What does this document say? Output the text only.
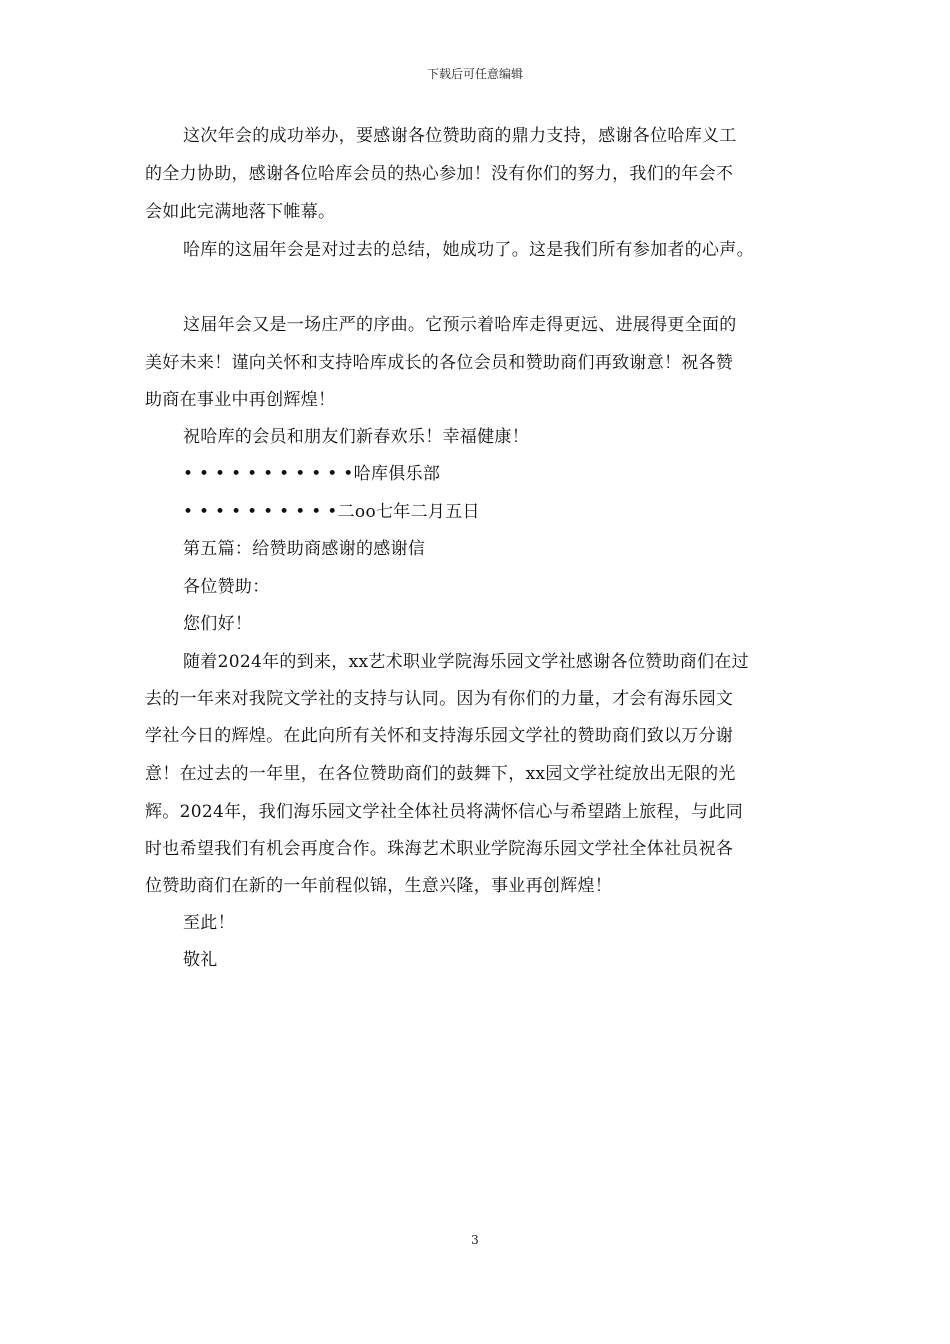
下载后可任意编辑

这次年会的成功举办，要感谢各位赞助商的鼎力支持，感谢各位哈库义工

的全力协助，感谢各位哈库会员的热心参加！没有你们的努力，我们的年会不

会如此完满地落下帷幕。

哈库的这届年会是对过去的总结，她成功了。这是我们所有参加者的心声。

这届年会又是一场庄严的序曲。它预示着哈库走得更远、进展得更全面的

美好未来！谨向关怀和支持哈库成长的各位会员和赞助商们再致谢意！祝各赞

助商在事业中再创辉煌！

祝哈库的会员和朋友们新春欢乐！幸福健康！

• • • • • • • • • • •哈库俱乐部

• • • • • • • • • •二oo七年二月五日

第五篇：给赞助商感谢的感谢信

各位赞助：

您们好！

随着2024年的到来，xx艺术职业学院海乐园文学社感谢各位赞助商们在过

去的一年来对我院文学社的支持与认同。因为有你们的力量，才会有海乐园文

学社今日的辉煌。在此向所有关怀和支持海乐园文学社的赞助商们致以万分谢

意！在过去的一年里，在各位赞助商们的鼓舞下，xx园文学社绽放出无限的光

辉。2024年，我们海乐园文学社全体社员将满怀信心与希望踏上旅程，与此同

时也希望我们有机会再度合作。珠海艺术职业学院海乐园文学社全体社员祝各

位赞助商们在新的一年前程似锦，生意兴隆，事业再创辉煌！

至此！

敬礼

3
